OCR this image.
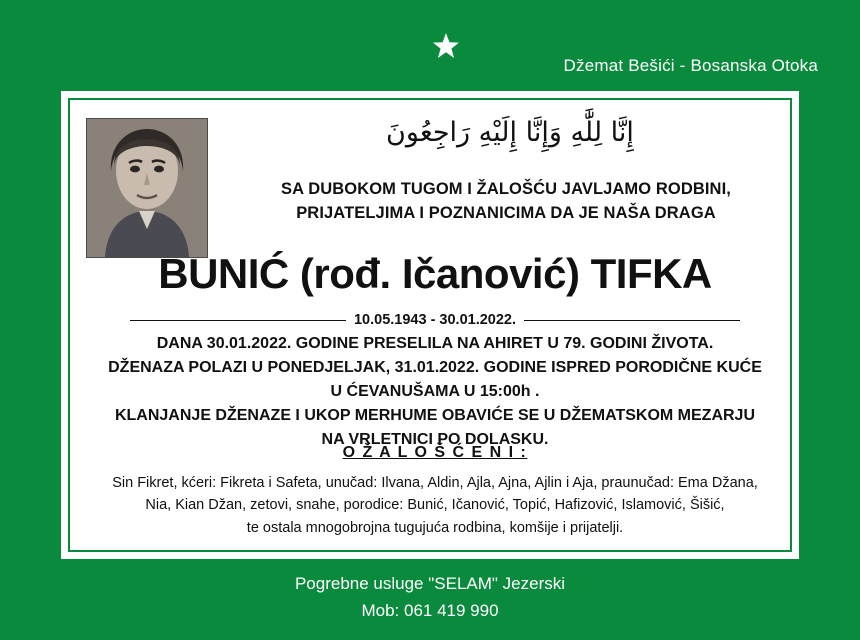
Džemat Bešići - Bosanska Otoka
إِنَّا لِلَّٰهِ وَإِنَّا إِلَيْهِ رَاجِعُونَ
SA DUBOKOM TUGOM I ŽALOŠĆU JAVLJAMO RODBINI,
PRIJATELJIMA I POZNANICIMA DA JE NAŠA DRAGA
BUNIĆ (rođ. Ičanović) TIFKA
10.05.1943 - 30.01.2022.
DANA 30.01.2022. GODINE PRESELILA NA AHIRET U 79. GODINI ŽIVOTA.
DŽENAZA POLAZI U PONEDJELJAK, 31.01.2022. GODINE ISPRED PORODIČNE KUĆE
U ĆEVANUŠAMA U 15:00h .
KLANJANJE DŽENAZE I UKOP MERHUME OBAVIĆE SE U DŽEMATSKOM MEZARJU
NA VRLETNICI PO DOLASKU.
O Ž A L O Š Ć E N I :
Sin Fikret, kćeri: Fikreta i Safeta, unučad: Ilvana, Aldin, Ajla, Ajna, Ajlin i Aja, praunučad: Ema Džana,
Nia, Kian Džan, zetovi, snahe, porodice: Bunić, Ičanović, Topić, Hafizović, Islamović, Šišić,
te ostala mnogobrojna tugujuća rodbina, komšije i prijatelji.
Pogrebne usluge "SELAM" Jezerski
Mob: 061 419 990
